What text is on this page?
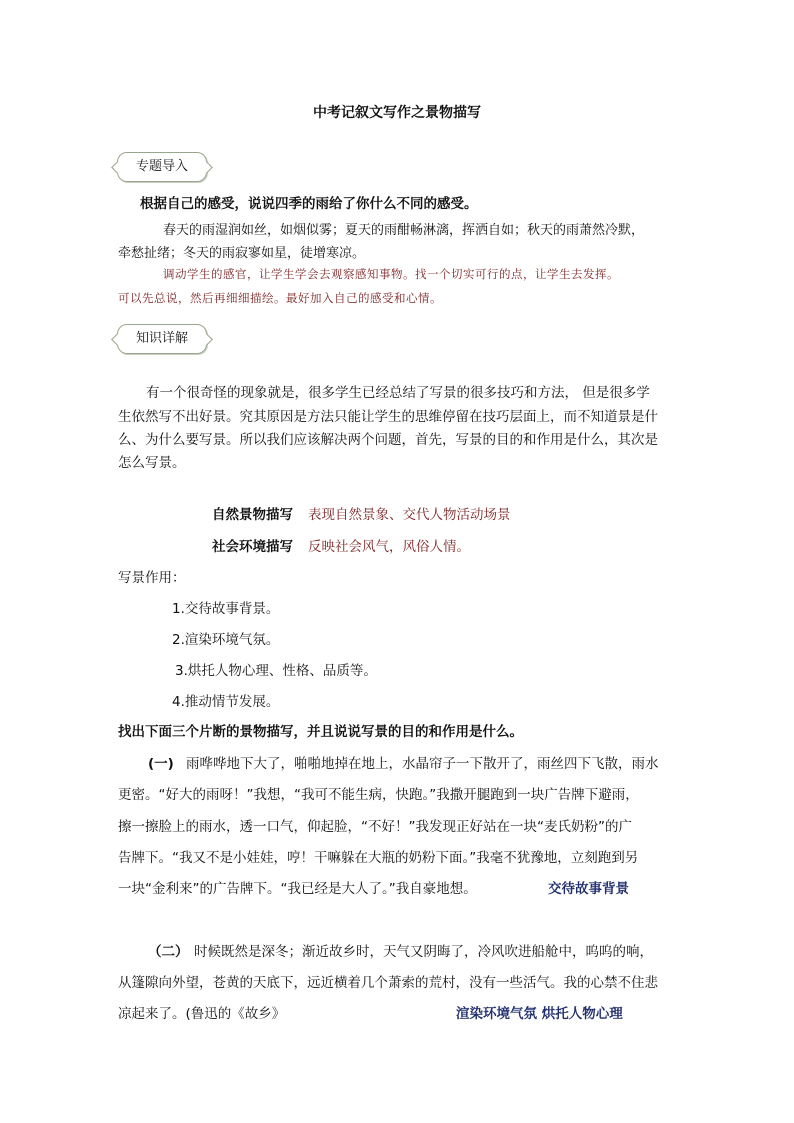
中考记叙文写作之景物描写
专题导入
根据自己的感受，说说四季的雨给了你什么不同的感受。
春天的雨湿润如丝，如烟似雾；夏天的雨酣畅淋漓，挥洒自如；秋天的雨萧然冷默，
牵愁扯绪；冬天的雨寂寥如星，徒增寒凉。
调动学生的感官，让学生学会去观察感知事物。找一个切实可行的点，让学生去发挥。
可以先总说，然后再细细描绘。最好加入自己的感受和心情。
知识详解
有一个很奇怪的现象就是，很多学生已经总结了写景的很多技巧和方法， 但是很多学
生依然写不出好景。究其原因是方法只能让学生的思维停留在技巧层面上，而不知道景是什
么、为什么要写景。所以我们应该解决两个问题，首先，写景的目的和作用是什么，其次是
怎么写景。
自然景物描写 表现自然景象、交代人物活动场景
社会环境描写 反映社会风气，风俗人情。
写景作用：
1.交待故事背景。
2.渲染环境气氛。
3.烘托人物心理、性格、品质等。
4.推动情节发展。
找出下面三个片断的景物描写，并且说说写景的目的和作用是什么。
(一) 雨哗哗地下大了，啪啪地掉在地上，水晶帘子一下散开了，雨丝四下飞散，雨水
更密。“好大的雨呀！”我想，“我可不能生病，快跑。”我撒开腿跑到一块广告牌下避雨，
擦一擦脸上的雨水，透一口气，仰起脸，“不好！”我发现正好站在一块“麦氏奶粉”的广
告牌下。“我又不是小娃娃，哼！干嘛躲在大瓶的奶粉下面。”我毫不犹豫地，立刻跑到另
一块“金利来”的广告牌下。“我已经是大人了。”我自豪地想。	交待故事背景
（二） 时候既然是深冬；渐近故乡时，天气又阴晦了，冷风吹进船舱中，呜呜的响，
从篷隙向外望，苍黄的天底下，远近横着几个萧索的荒村，没有一些活气。我的心禁不住悲
凉起来了。(鲁迅的《故乡》	渲染环境气氛 烘托人物心理
